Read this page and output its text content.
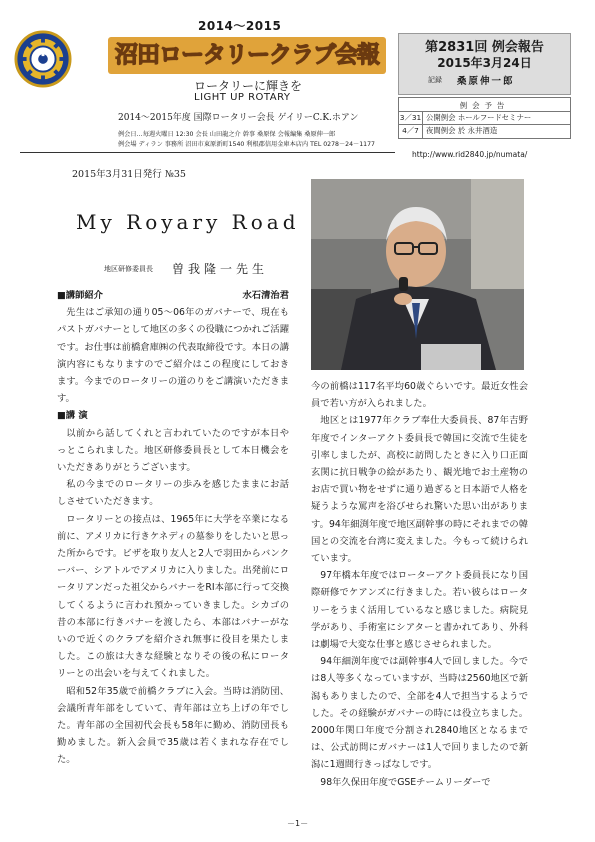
2014～2015
沼田ロータリークラブ会報
ロータリーに輝きを
LIGHT UP ROTARY
2014～2015年度 国際ロータリー会長 ゲイリーC.K.ホアン
例会日…毎週火曜日 12:30 会長 山田龍之介 幹事 桑原保 会報編集 桑原伸一郎
例会場 ディラン 事務所 沼田市東原新町1540 利根郡信用金庫本店内 TEL 0278－24－1177
第2831回 例会報告
2015年3月24日
記録 桑原伸一郎
例会予告
3／31 公開例会 ホールフードセミナー
4／7 夜間例会 於 永井酒造
http://www.rid2840.jp/numata/
2015年3月31日発行 №35
My Royary Road
地区研修委員長 曽我隆一先生
■講師紹介	水石清治君

先生はご承知の通り05～06年のガバナーで、現在もパストガバナーとして地区の多くの役職につかれご活躍です。お仕事は前橋倉庫㈱の代表取締役です。本日の講演内容にもなりますのでご紹介はこの程度にしておきます。今までのロータリーの道のりをご講演いただきます。

■講 演

以前から話してくれと言われていたのですが本日やっとこられました。地区研修委員長として本日機会をいただきありがとうございます。

私の今までのロータリーの歩みを感じたままにお話しさせていただきます。

ロータリーとの接点は、1965年に大学を卒業になる前に、アメリカに行きケネディの墓参りをしたいと思った所からです。ビザを取り友人と2人で羽田からバンクーバー、シアトルでアメリカに入りました。出発前にロータリアンだった祖父からバナーをRI本部に行って交換してくるように言われ預かっていきました。シカゴの昔の本部に行きバナーを渡したら、本部はバナーがないので近くのクラブを紹介され無事に役目を果たしました。この旅は大きな経験となりその後の私にロータリーとの出会いを与えてくれました。

昭和52年35歳で前橋クラブに入会。当時は消防団、会議所青年部をしていて、青年部は立ち上げの年でした。青年部の全国初代会長も58年に勤め、消防団長も勤めました。新入会員で35歳は若くまれな存在でした。

今の前橋は117名平均60歳ぐらいです。最近女性会員で若い方が入られました。

地区とは1977年クラブ奉仕大委員長、87年吉野年度でインターアクト委員長で韓国に交流で生徒を引率しましたが、高校に訪問したときに入り口正面玄関に抗日戦争の絵があたり、観光地でお土産物のお店で買い物をせずに通り過ぎると日本語で人格を疑うような罵声を浴びせられ驚いた思い出があります。94年細渕年度で地区副幹事の時にそれまでの韓国との交流を台湾に変えました。今もって続けられています。

97年橋本年度ではローターアクト委員長になり国際研修でケアンズに行きました。若い彼らはロータリーをうまく活用しているなと感じました。病院見学があり、手術室にシアターと書かれてあり、外科は劇場で大変な仕事と感じさせられました。

94年細渕年度では副幹事4人で回しました。今では8人等多くなっていますが、当時は2560地区で新潟もありましたので、全部を4人で担当するようでした。その経験がガバナーの時には役立ちました。2000年関口年度で分割され2840地区となるまでは、公式訪問にガバナーは1人で回りましたので新潟に1週間行きっぱなしです。

98年久保田年度でGSEチームリーダーで

－1－
